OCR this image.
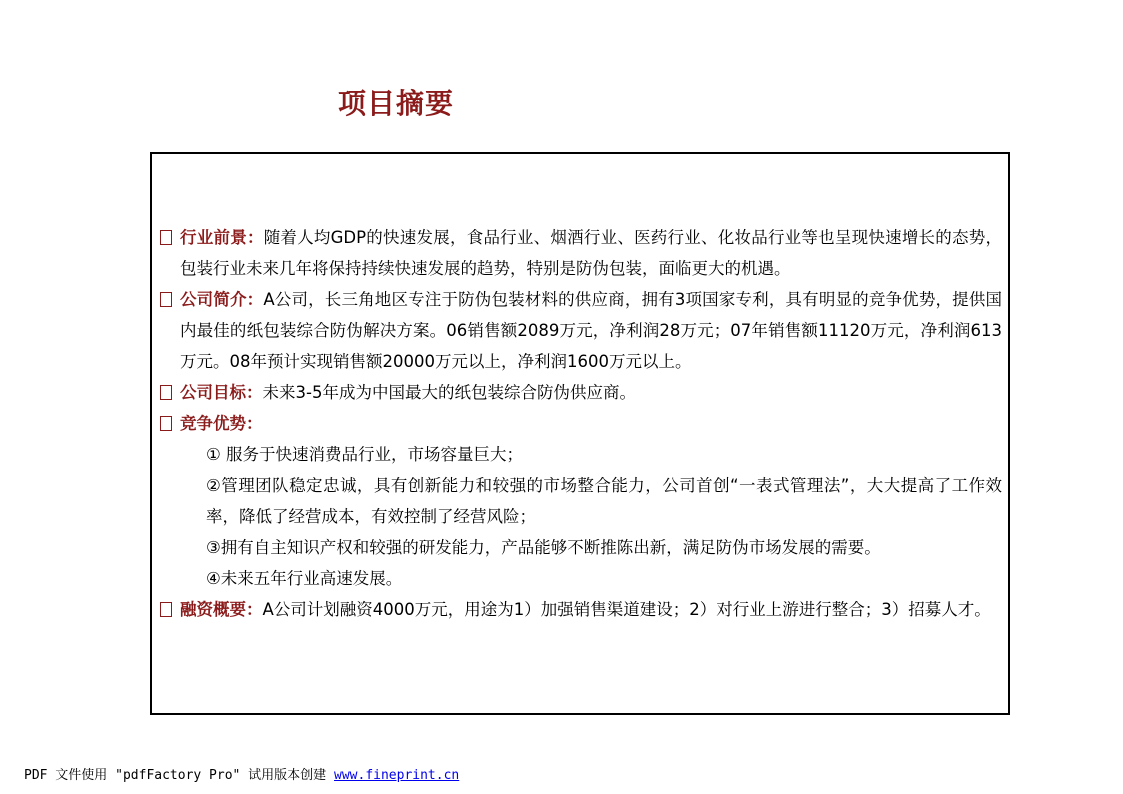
项目摘要
行业前景：随着人均GDP的快速发展，食品行业、烟酒行业、医药行业、化妆品行业等也呈现快速增长的态势，包装行业未来几年将保持持续快速发展的趋势，特别是防伪包装，面临更大的机遇。
公司简介：A公司，长三角地区专注于防伪包装材料的供应商，拥有3项国家专利，具有明显的竞争优势，提供国内最佳的纸包装综合防伪解决方案。06销售额2089万元，净利润28万元；07年销售额11120万元，净利润613万元。08年预计实现销售额20000万元以上，净利润1600万元以上。
公司目标：未来3-5年成为中国最大的纸包装综合防伪供应商。
竞争优势：
① 服务于快速消费品行业，市场容量巨大；
②管理团队稳定忠诚，具有创新能力和较强的市场整合能力，公司首创“一表式管理法”，大大提高了工作效率，降低了经营成本，有效控制了经营风险；
③拥有自主知识产权和较强的研发能力，产品能够不断推陈出新，满足防伪市场发展的需要。
④未来五年行业高速发展。
融资概要：A公司计划融资4000万元，用途为1）加强销售渠道建设；2）对行业上游进行整合；3）招募人才。
PDF 文件使用 "pdfFactory Pro" 试用版本创建 www.fineprint.cn
